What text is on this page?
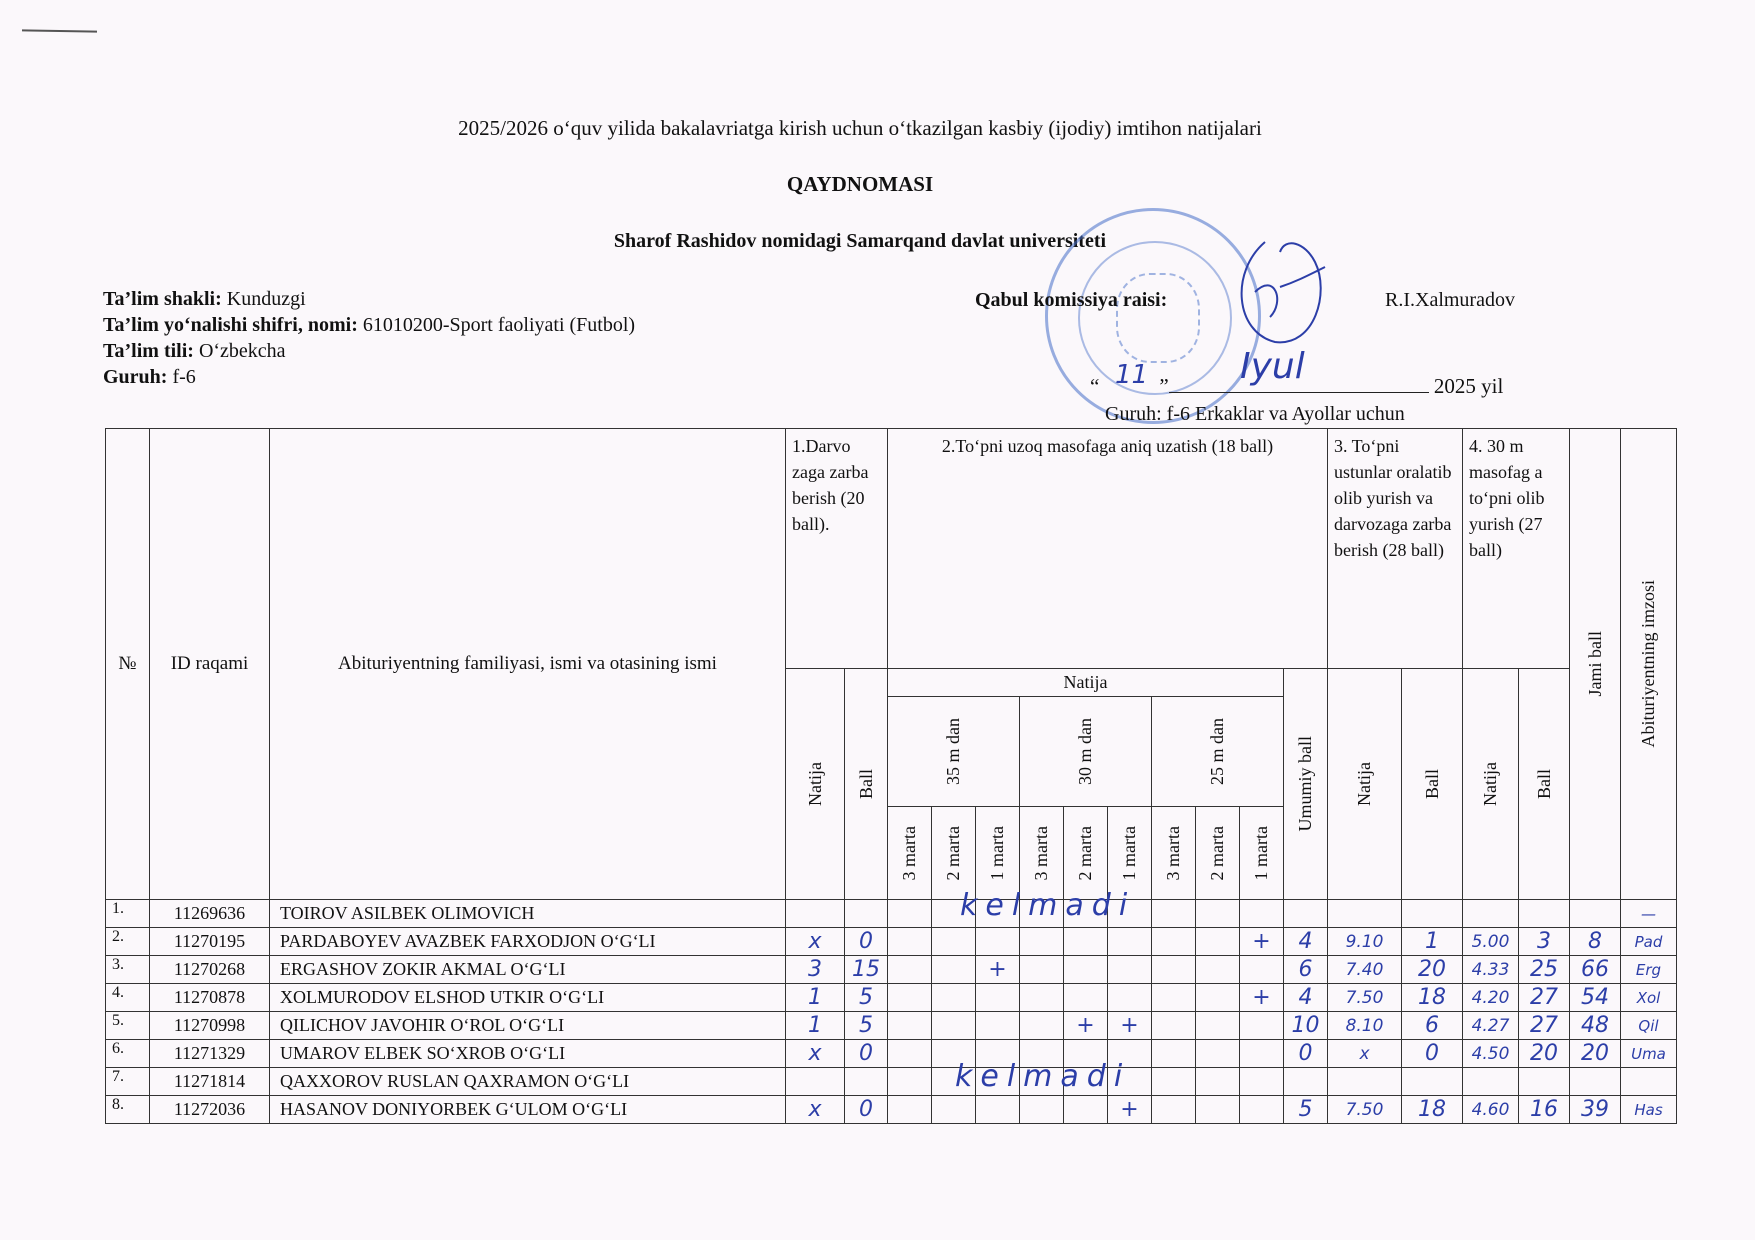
2025/2026 o‘quv yilida bakalavriatga kirish uchun o‘tkazilgan kasbiy (ijodiy) imtihon natijalari
QAYDNOMASI
Sharof Rashidov nomidagi Samarqand davlat universiteti
Ta’lim shakli: Kunduzgi
Ta’lim yo‘nalishi shifri, nomi: 61010200-Sport faoliyati (Futbol)
Ta’lim tili: O‘zbekcha
Guruh: f-6
Qabul komissiya raisi:	R.I.Xalmuradov
“	”	2025 yil
11	Iyul
Guruh: f-6 Erkaklar va Ayollar uchun
№	ID raqami	Abituriyentning familiyasi, ismi va otasining ismi	1.Darvo zaga zarba berish (20 ball).		2.To‘pni uzoq masofaga aniq uzatish (18 ball)										3. To‘pni ustunlar oralatib olib yurish va darvozaga zarba berish (28 ball)		4. 30 m masofag a to‘pni olib yurish (27 ball)		Jami ball	Abituriyentning imzosi

			Natija	Ball	Natija									Umumiy ball	Natija	Ball	Natija	Ball		

					35 m dan			30 m dan			25 m dan									

					3 marta	2 marta	1 marta	3 marta	2 marta	1 marta	3 marta	2 marta	1 marta							

1.	11269636	TOIROV ASILBEK OLIMOVICH																		—
2.	11270195	PARDABOYEV AVAZBEK FARXODJON O‘G‘LI	x	0									+	4	9.10	1	5.00	3	8	Pad
3.	11270268	ERGASHOV ZOKIR AKMAL O‘G‘LI	3	15			+							6	7.40	20	4.33	25	66	Erg
4.	11270878	XOLMURODOV ELSHOD UTKIR O‘G‘LI	1	5									+	4	7.50	18	4.20	27	54	Xol
5.	11270998	QILICHOV JAVOHIR O‘ROL O‘G‘LI	1	5					+	+				10	8.10	6	4.27	27	48	Qil
6.	11271329	UMAROV ELBEK SO‘XROB O‘G‘LI	x	0										0	x	0	4.50	20	20	Uma
7.	11271814	QAXXOROV RUSLAN QAXRAMON O‘G‘LI																		
8.	11272036	HASANOV DONIYORBEK G‘ULOM O‘G‘LI	x	0						+				5	7.50	18	4.60	16	39	Has
kelmadi
kelmadi
